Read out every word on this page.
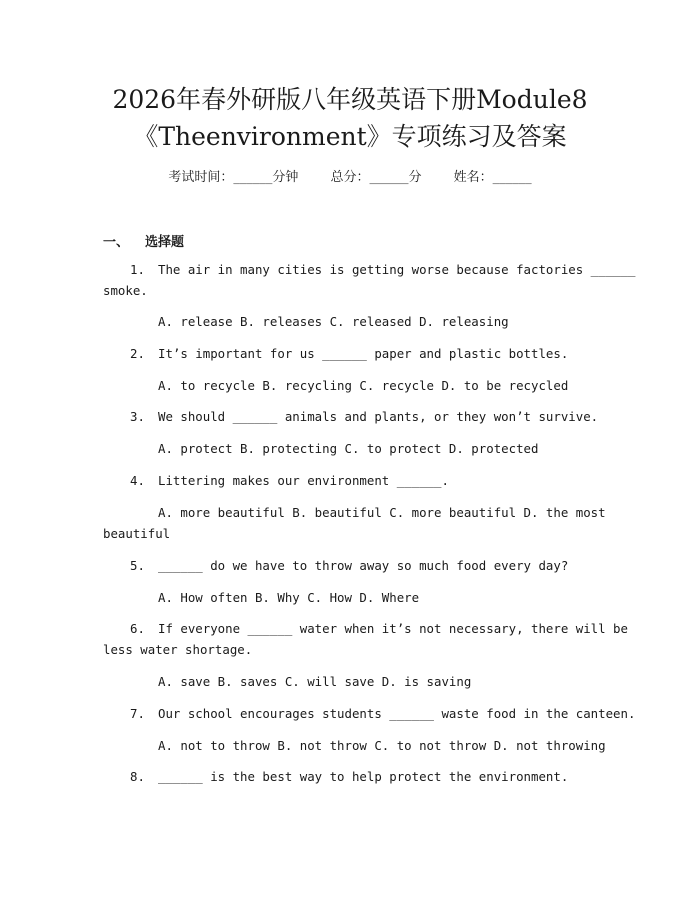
2026年春外研版八年级英语下册Module8
《Theenvironment》专项练习及答案
考试时间：______分钟 总分：______分 姓名：______
一、 选择题
1. The air in many cities is getting worse because factories ______
smoke.
A. release B. releases C. released D. releasing
2. It’s important for us ______ paper and plastic bottles.
A. to recycle B. recycling C. recycle D. to be recycled
3. We should ______ animals and plants, or they won’t survive.
A. protect B. protecting C. to protect D. protected
4. Littering makes our environment ______.
A. more beautiful B. beautiful C. more beautiful D. the most
beautiful
5. ______ do we have to throw away so much food every day?
A. How often B. Why C. How D. Where
6. If everyone ______ water when it’s not necessary, there will be
less water shortage.
A. save B. saves C. will save D. is saving
7. Our school encourages students ______ waste food in the canteen.
A. not to throw B. not throw C. to not throw D. not throwing
8. ______ is the best way to help protect the environment.
